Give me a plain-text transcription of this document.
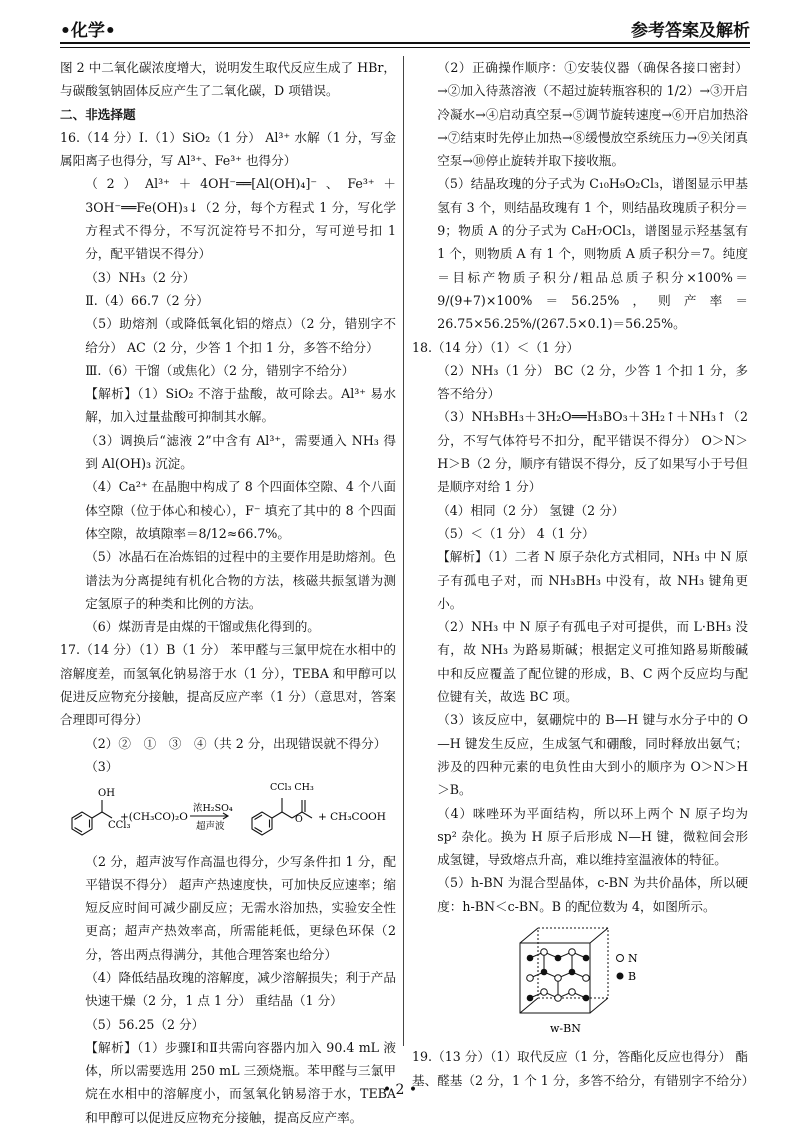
•化学•	参考答案及解析

图 2 中二氧化碳浓度增大，说明发生取代反应生成了 HBr，与碳酸氢钠固体反应产生了二氧化碳，D 项错误。

二、非选择题

16.（14 分）Ⅰ.（1）SiO₂（1 分） Al³⁺ 水解（1 分，写金属阳离子也得分，写 Al³⁺、Fe³⁺ 也得分）

（2）Al³⁺＋4OH⁻══[Al(OH)₄]⁻、Fe³⁺＋3OH⁻══Fe(OH)₃↓（2 分，每个方程式 1 分，写化学方程式不得分，不写沉淀符号不扣分，写可逆号扣 1 分，配平错误不得分）

（3）NH₃（2 分）

Ⅱ.（4）66.7（2 分）

（5）助熔剂（或降低氧化铝的熔点）（2 分，错别字不给分） AC（2 分，少答 1 个扣 1 分，多答不给分）

Ⅲ.（6）干馏（或焦化）（2 分，错别字不给分）

【解析】（1）SiO₂ 不溶于盐酸，故可除去。Al³⁺ 易水解，加入过量盐酸可抑制其水解。

（3）调换后“滤液 2”中含有 Al³⁺，需要通入 NH₃ 得到 Al(OH)₃ 沉淀。

（4）Ca²⁺ 在晶胞中构成了 8 个四面体空隙、4 个八面体空隙（位于体心和棱心），F⁻ 填充了其中的 8 个四面体空隙，故填隙率＝8/12≈66.7%。

（5）冰晶石在冶炼铝的过程中的主要作用是助熔剂。色谱法为分离提纯有机化合物的方法，核磁共振氢谱为测定氢原子的种类和比例的方法。

（6）煤沥青是由煤的干馏或焦化得到的。

17.（14 分）（1）B（1 分） 苯甲醛与三氯甲烷在水相中的溶解度差，而氢氧化钠易溶于水（1 分），TEBA 和甲醇可以促进反应物充分接触，提高反应产率（1 分）（意思对，答案合理即可得分）

（2）②　①　③　④（共 2 分，出现错误就不得分）

（3）

OH
CCl₃
+(CH₃CO)₂O
浓H₂SO₄
超声波
CCl₃ CH₃
O + CH₃COOH

（2 分，超声波写作高温也得分，少写条件扣 1 分，配平错误不得分） 超声产热速度快，可加快反应速率；缩短反应时间可减少副反应；无需水浴加热，实验安全性更高；超声产热效率高，所需能耗低，更绿色环保（2 分，答出两点得满分，其他合理答案也给分）

（4）降低结晶玫瑰的溶解度，减少溶解损失；利于产品快速干燥（2 分，1 点 1 分） 重结晶（1 分）

（5）56.25（2 分）

【解析】（1）步骤Ⅰ和Ⅱ共需向容器内加入 90.4 mL 液体，所以需要选用 250 mL 三颈烧瓶。苯甲醛与三氯甲烷在水相中的溶解度小，而氢氧化钠易溶于水，TEBA 和甲醇可以促进反应物充分接触，提高反应产率。

（2）正确操作顺序：①安装仪器（确保各接口密封）→②加入待蒸溶液（不超过旋转瓶容积的 1/2）→③开启冷凝水→④启动真空泵→⑤调节旋转速度→⑥开启加热浴→⑦结束时先停止加热→⑧缓慢放空系统压力→⑨关闭真空泵→⑩停止旋转并取下接收瓶。

（5）结晶玫瑰的分子式为 C₁₀H₉O₂Cl₃，谱图显示甲基氢有 3 个，则结晶玫瑰有 1 个，则结晶玫瑰质子积分＝9；物质 A 的分子式为 C₈H₇OCl₃，谱图显示羟基氢有 1 个，则物质 A 有 1 个，则物质 A 质子积分＝7。纯度＝目标产物质子积分/粗品总质子积分×100%＝9/(9+7)×100%＝56.25%，则产率＝26.75×56.25%/(267.5×0.1)＝56.25%。

18.（14 分）（1）＜（1 分）

（2）NH₃（1 分） BC（2 分，少答 1 个扣 1 分，多答不给分）

（3）NH₃BH₃＋3H₂O══H₃BO₃＋3H₂↑＋NH₃↑（2 分，不写气体符号不扣分，配平错误不得分） O＞N＞H＞B（2 分，顺序有错误不得分，反了如果写小于号但是顺序对给 1 分）

（4）相同（2 分） 氢键（2 分）

（5）＜（1 分） 4（1 分）

【解析】（1）二者 N 原子杂化方式相同，NH₃ 中 N 原子有孤电子对，而 NH₃BH₃ 中没有，故 NH₃ 键角更小。

（2）NH₃ 中 N 原子有孤电子对可提供，而 L·BH₃ 没有，故 NH₃ 为路易斯碱；根据定义可推知路易斯酸碱中和反应覆盖了配位键的形成，B、C 两个反应均与配位键有关，故选 BC 项。

（3）该反应中，氨硼烷中的 B—H 键与水分子中的 O—H 键发生反应，生成氢气和硼酸，同时释放出氨气；涉及的四种元素的电负性由大到小的顺序为 O＞N＞H＞B。

（4）咪唑环为平面结构，所以环上两个 N 原子均为 sp² 杂化。换为 H 原子后形成 N—H 键，微粒间会形成氢键，导致熔点升高，难以维持室温液体的特征。

（5）h-BN 为混合型晶体，c-BN 为共价晶体，所以硬度：h-BN＜c-BN。B 的配位数为 4，如图所示。

N
B
w-BN

19.（13 分）（1）取代反应（1 分，答酯化反应也得分） 酯基、醛基（2 分，1 个 1 分，多答不给分，有错别字不给分）

• 2 •
